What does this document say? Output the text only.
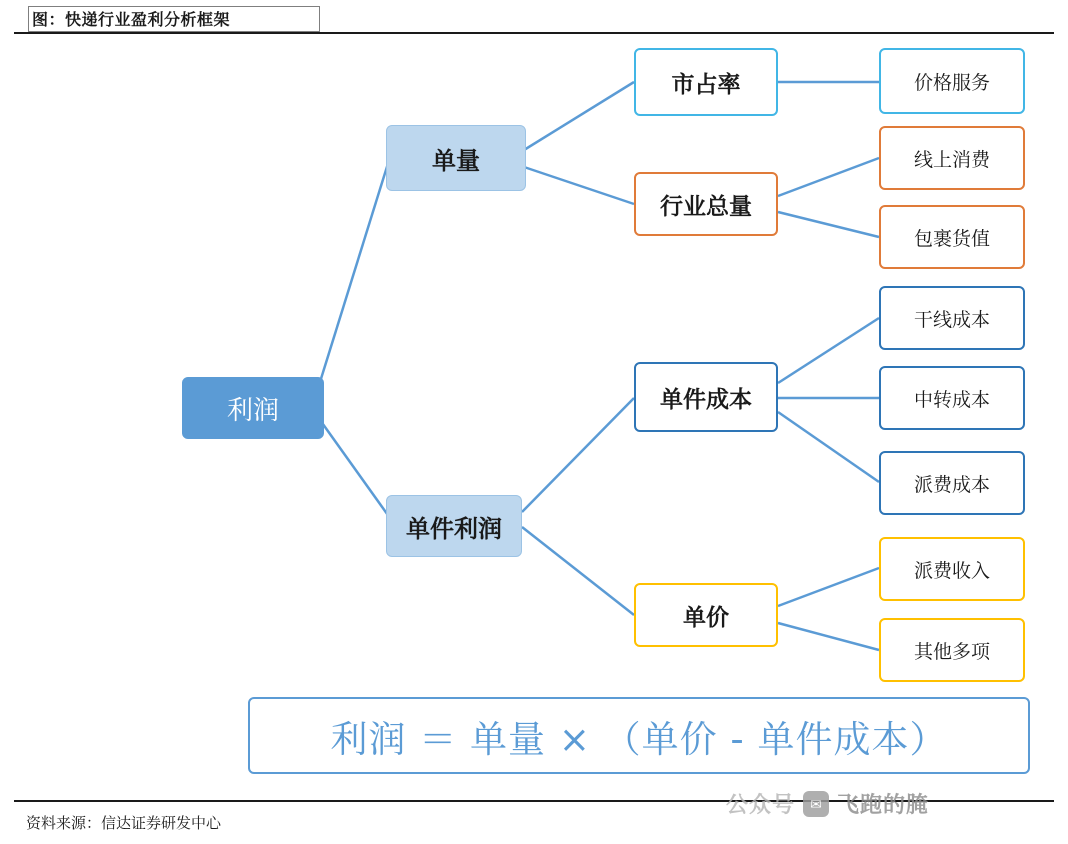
图：快递行业盈利分析框架
利润
单量
单件利润
市占率
行业总量
单件成本
单价
价格服务
线上消费
包裹货值
干线成本
中转成本
派费成本
派费收入
其他多项
利润 ＝ 单量 × （单价 - 单件成本）
资料来源：信达证券研发中心
公众号	✉ 飞跑的腌
